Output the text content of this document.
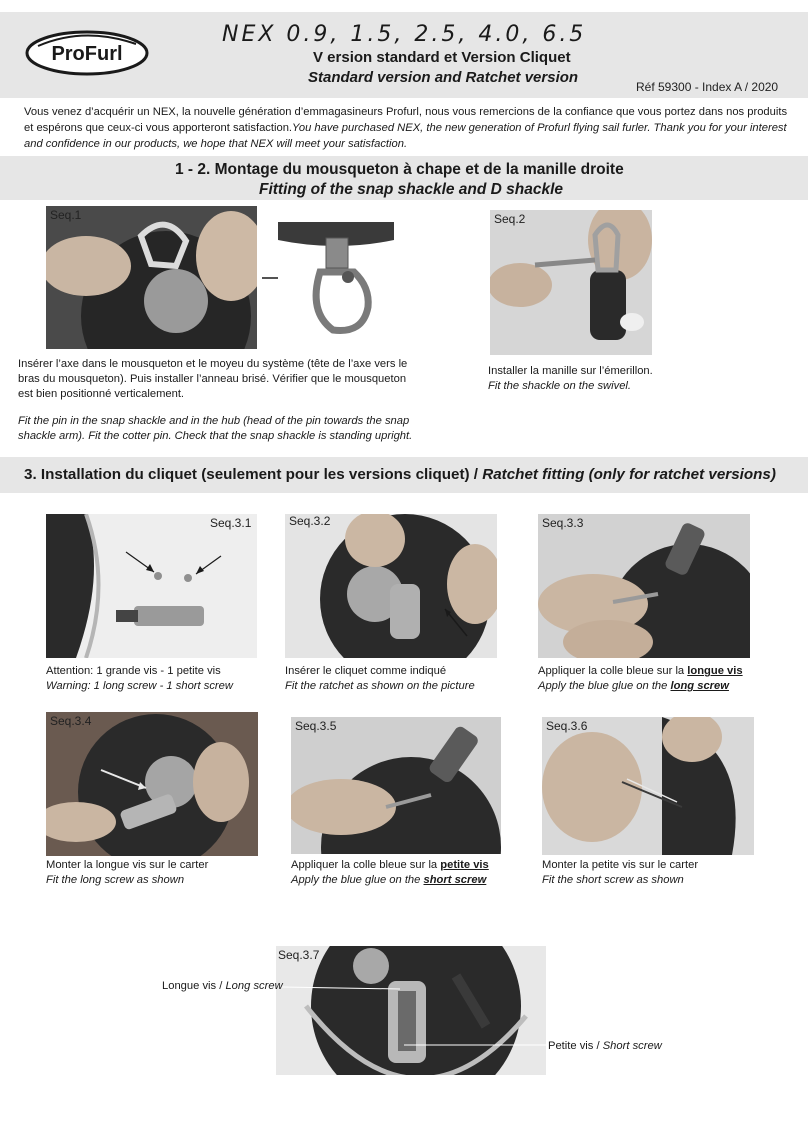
ProFurl
NEX 0.9, 1.5, 2.5, 4.0, 6.5
V ersion standard et Version Cliquet
Standard version and Ratchet version
Réf 59300 - Index A / 2020
Vous venez d’acquérir un NEX, la nouvelle génération d’emmagasineurs Profurl, nous vous remercions de la confiance que vous portez dans nos produits et espérons que ceux-ci vous apporteront satisfaction.You have purchased NEX, the new generation of Profurl flying sail furler. Thank you for your interest and confidence in our products, we hope that NEX will meet your satisfaction.
1 - 2. Montage du mousqueton à chape et de la manille droite
Fitting of the snap shackle and D shackle
Seq.1
Insérer l’axe dans le mousqueton et le moyeu du système (tête de l’axe vers le bras du mousqueton). Puis installer l’anneau brisé. Vérifier que le mousqueton est bien positionné verticalement.
Fit the pin in the snap shackle and in the hub (head of the pin towards the snap shackle arm). Fit the cotter pin. Check that the snap shackle is standing upright.
Seq.2
Installer la manille sur l’émerillon.
Fit the shackle on the swivel.
3. Installation du cliquet (seulement pour les versions cliquet) / Ratchet fitting (only for ratchet versions)
Seq.3.1	Seq.3.2	Seq.3.3
Attention: 1 grande vis - 1 petite vis
Warning: 1 long screw - 1 short screw
Insérer le cliquet comme indiqué
Fit the ratchet as shown on the picture
Appliquer la colle bleue sur la longue vis
Apply the blue glue on the long screw
Seq.3.4	Seq.3.5	Seq.3.6
Monter la longue vis sur le carter
Fit the long screw as shown
Appliquer la colle bleue sur la petite vis
Apply the blue glue on the short screw
Monter la petite vis sur le carter
Fit the short screw as shown
Seq.3.7
Longue vis / Long screw
Petite vis / Short screw
